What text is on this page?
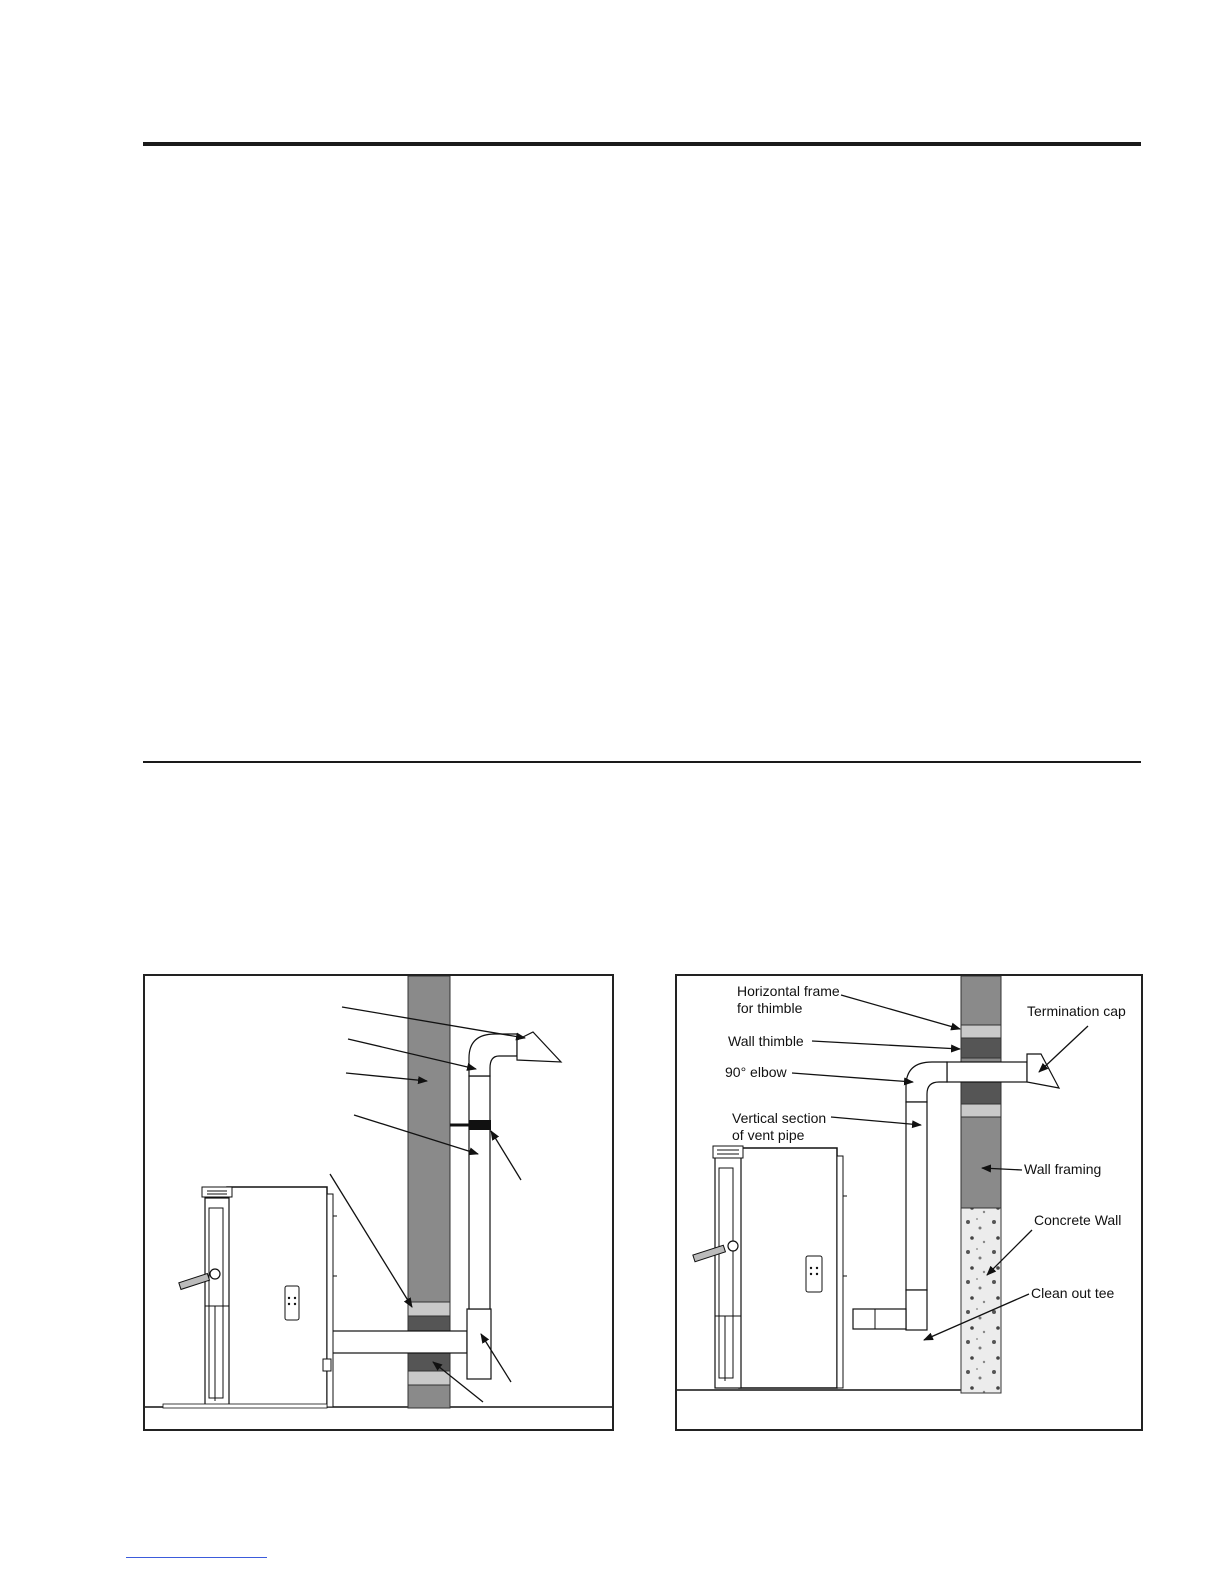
Horizontal frame
for thimble	Termination cap
Wall thimble
90° elbow
Vertical section
of vent pipe
Wall framing
Concrete Wall
Clean out tee
